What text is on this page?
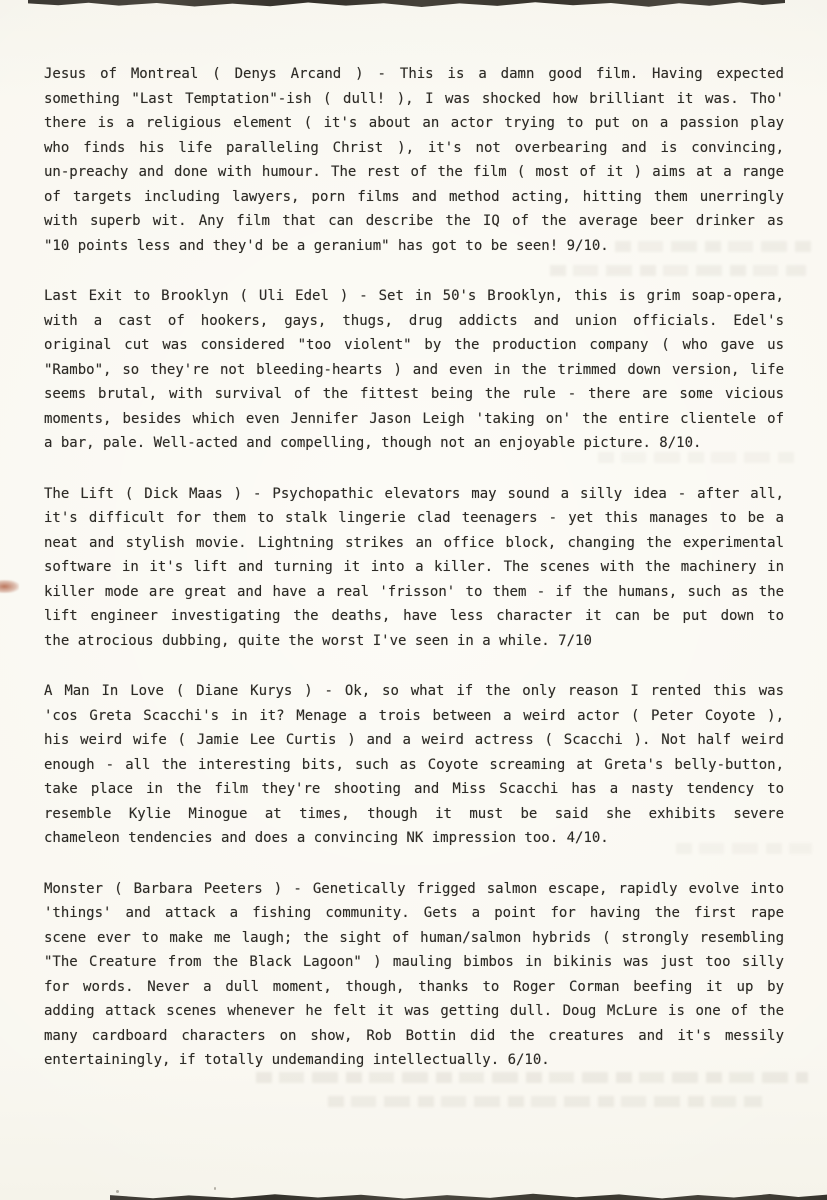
Jesus of Montreal ( Denys Arcand ) - This is a damn good film. Having expected
something "Last Temptation"-ish ( dull! ), I was shocked how brilliant it was. Tho'
there is a religious element ( it's about an actor trying to put on a passion play
who finds his life paralleling Christ ), it's not overbearing and is convincing,
un-preachy and done with humour. The rest of the film ( most of it ) aims at a range
of targets including lawyers, porn films and method acting, hitting them unerringly
with superb wit. Any film that can describe the IQ of the average beer drinker as
"10 points less and they'd be a geranium" has got to be seen! 9/10.
Last Exit to Brooklyn ( Uli Edel ) - Set in 50's Brooklyn, this is grim soap-opera,
with a cast of hookers, gays, thugs, drug addicts and union officials. Edel's
original cut was considered "too violent" by the production company ( who gave us
"Rambo", so they're not bleeding-hearts ) and even in the trimmed down version, life
seems brutal, with survival of the fittest being the rule - there are some vicious
moments, besides which even Jennifer Jason Leigh 'taking on' the entire clientele of
a bar, pale. Well-acted and compelling, though not an enjoyable picture. 8/10.
The Lift ( Dick Maas ) - Psychopathic elevators may sound a silly idea - after all,
it's difficult for them to stalk lingerie clad teenagers - yet this manages to be a
neat and stylish movie. Lightning strikes an office block, changing the experimental
software in it's lift and turning it into a killer. The scenes with the machinery in
killer mode are great and have a real 'frisson' to them - if the humans, such as the
lift engineer investigating the deaths, have less character it can be put down to
the atrocious dubbing, quite the worst I've seen in a while. 7/10
A Man In Love ( Diane Kurys ) - Ok, so what if the only reason I rented this was
'cos Greta Scacchi's in it? Menage a trois between a weird actor ( Peter Coyote ),
his weird wife ( Jamie Lee Curtis ) and a weird actress ( Scacchi ). Not half weird
enough - all the interesting bits, such as Coyote screaming at Greta's belly-button,
take place in the film they're shooting and Miss Scacchi has a nasty tendency to
resemble Kylie Minogue at times, though it must be said she exhibits severe
chameleon tendencies and does a convincing NK impression too. 4/10.
Monster ( Barbara Peeters ) - Genetically frigged salmon escape, rapidly evolve into
'things' and attack a fishing community. Gets a point for having the first rape
scene ever to make me laugh; the sight of human/salmon hybrids ( strongly resembling
"The Creature from the Black Lagoon" ) mauling bimbos in bikinis was just too silly
for words. Never a dull moment, though, thanks to Roger Corman beefing it up by
adding attack scenes whenever he felt it was getting dull. Doug McLure is one of the
many cardboard characters on show, Rob Bottin did the creatures and it's messily
entertainingly, if totally undemanding intellectually. 6/10.
